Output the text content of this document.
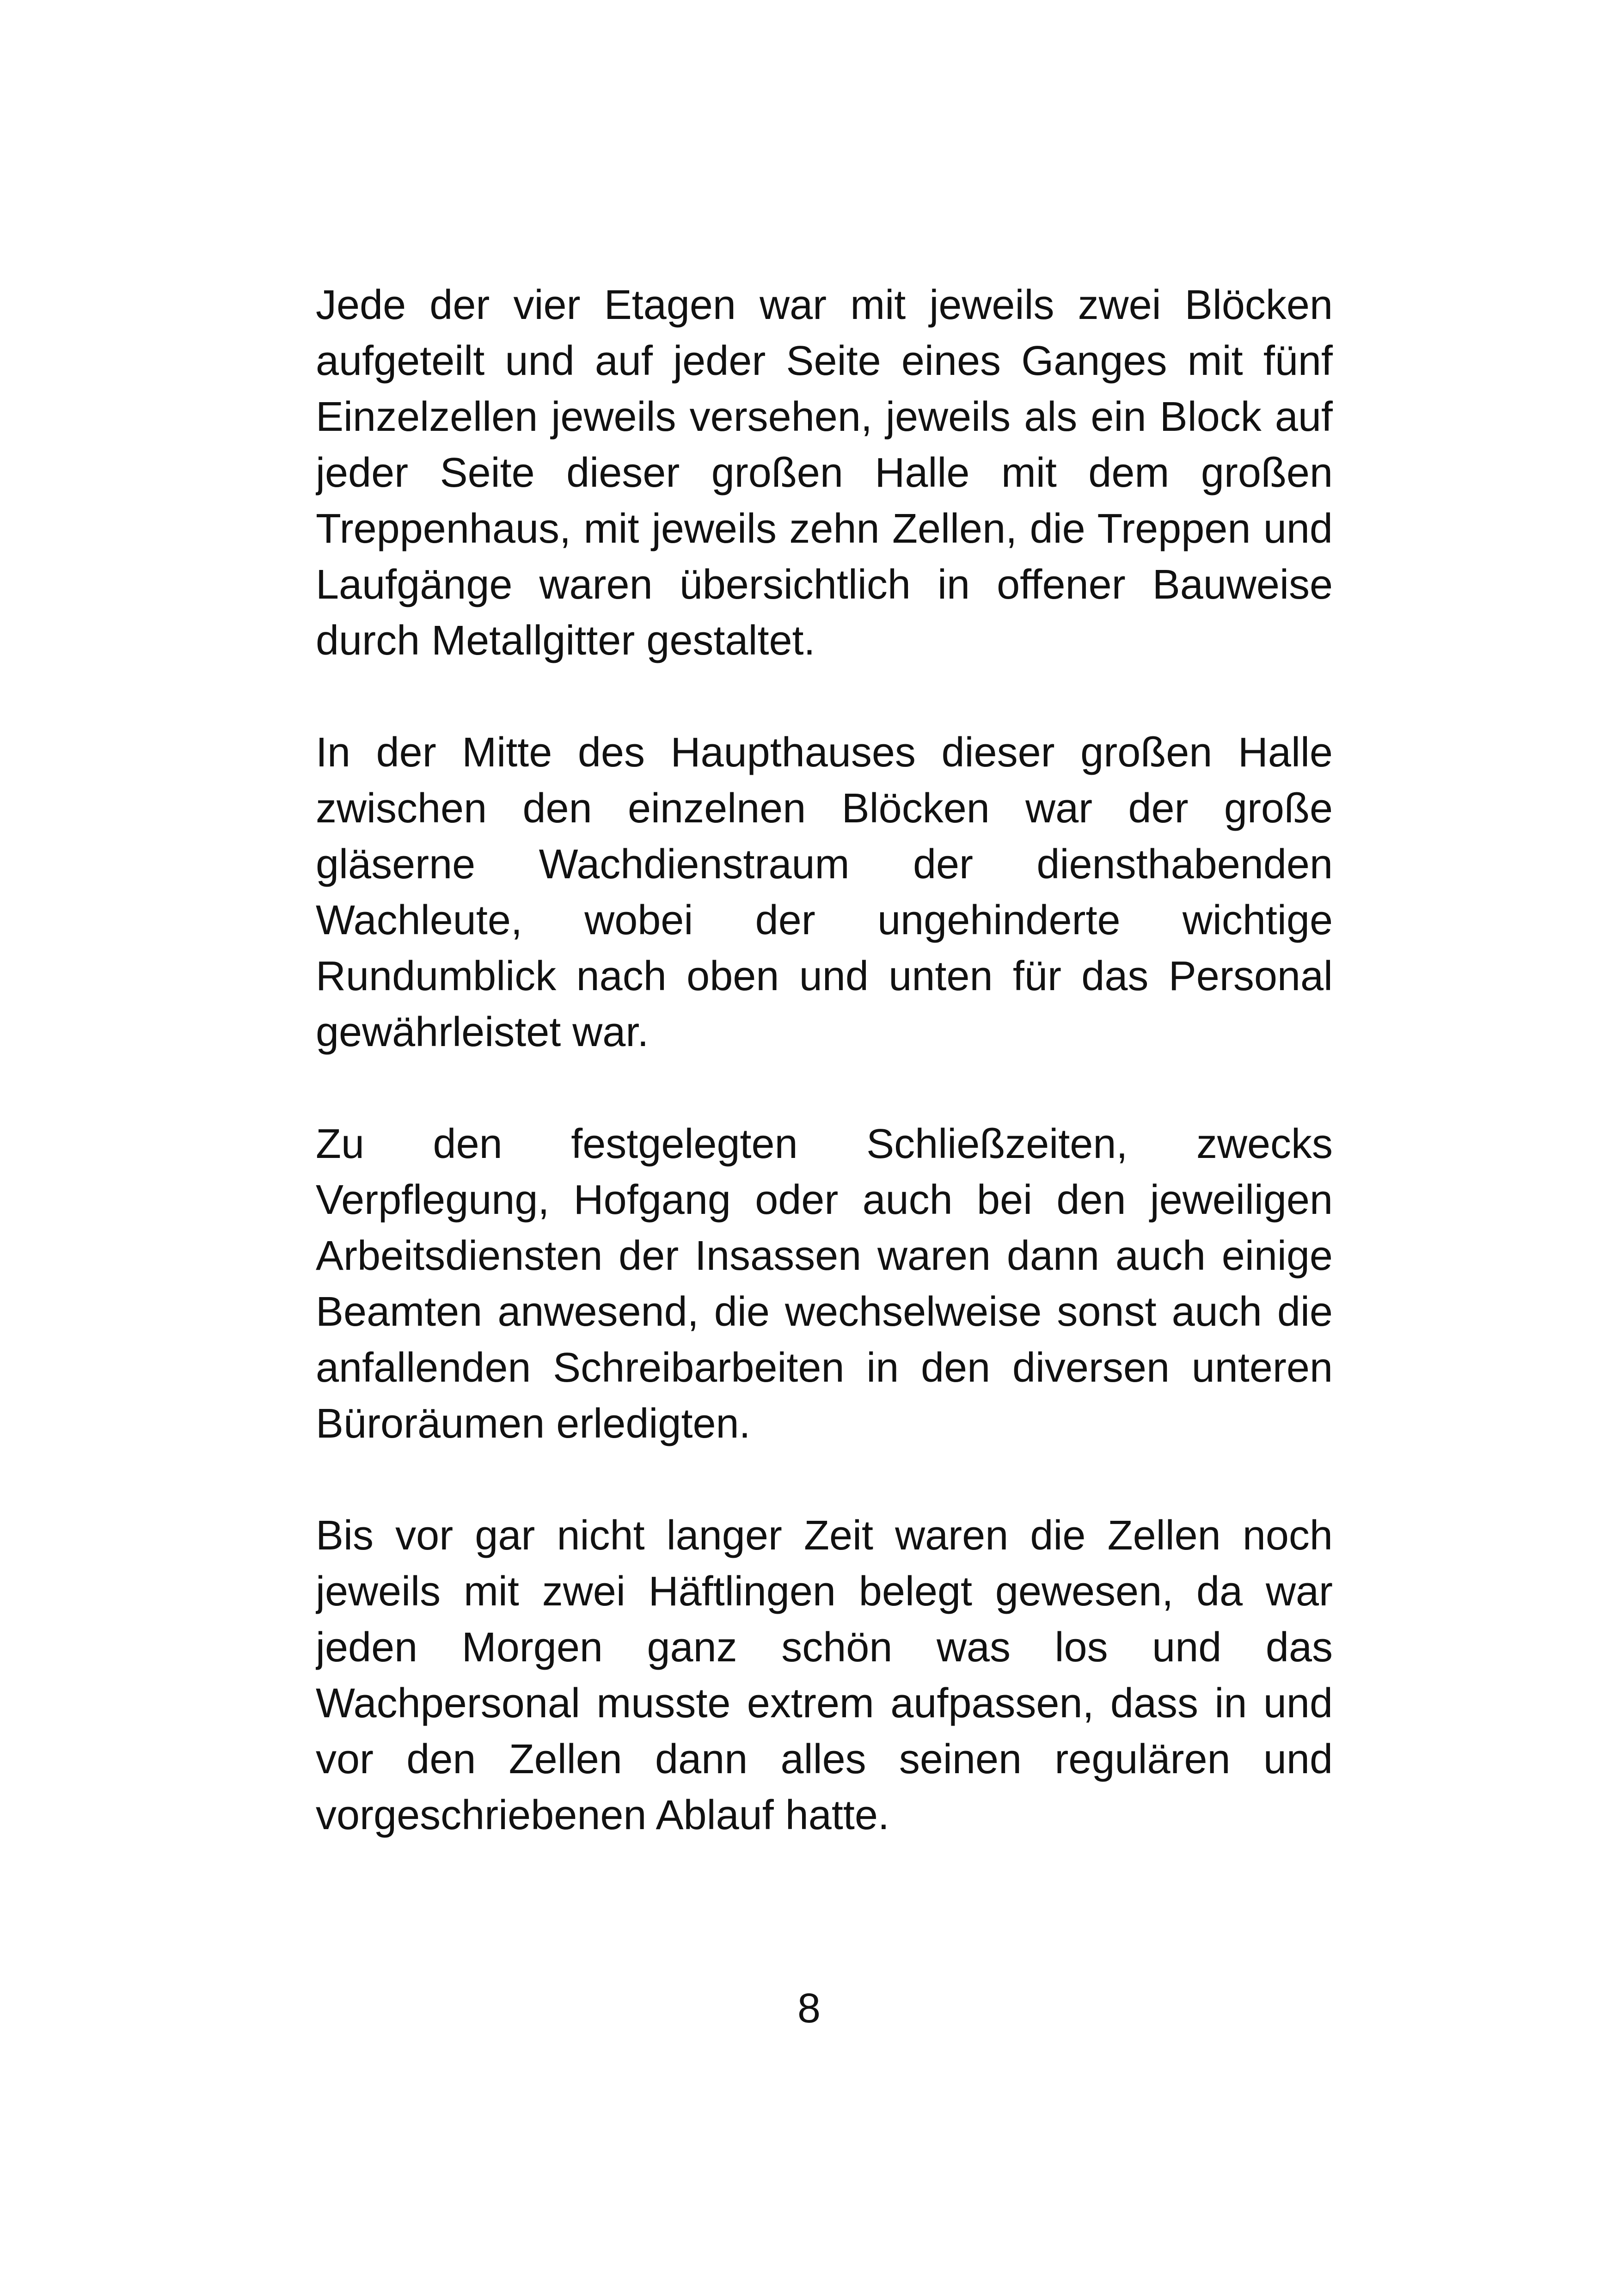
Jede der vier Etagen war mit jeweils zwei Blöcken
aufgeteilt und auf jeder Seite eines Ganges mit fünf
Einzelzellen jeweils versehen, jeweils als ein Block auf
jeder Seite dieser großen Halle mit dem großen
Treppenhaus, mit jeweils zehn Zellen, die Treppen und
Laufgänge waren übersichtlich in offener Bauweise
durch Metallgitter gestaltet.

In der Mitte des Haupthauses dieser großen Halle
zwischen den einzelnen Blöcken war der große
gläserne Wachdienstraum der diensthabenden
Wachleute, wobei der ungehinderte wichtige
Rundumblick nach oben und unten für das Personal
gewährleistet war.

Zu den festgelegten Schließzeiten, zwecks
Verpflegung, Hofgang oder auch bei den jeweiligen
Arbeitsdiensten der Insassen waren dann auch einige
Beamten anwesend, die wechselweise sonst auch die
anfallenden Schreibarbeiten in den diversen unteren
Büroräumen erledigten.

Bis vor gar nicht langer Zeit waren die Zellen noch
jeweils mit zwei Häftlingen belegt gewesen, da war
jeden Morgen ganz schön was los und das
Wachpersonal musste extrem aufpassen, dass in und
vor den Zellen dann alles seinen regulären und
vorgeschriebenen Ablauf hatte.

8
